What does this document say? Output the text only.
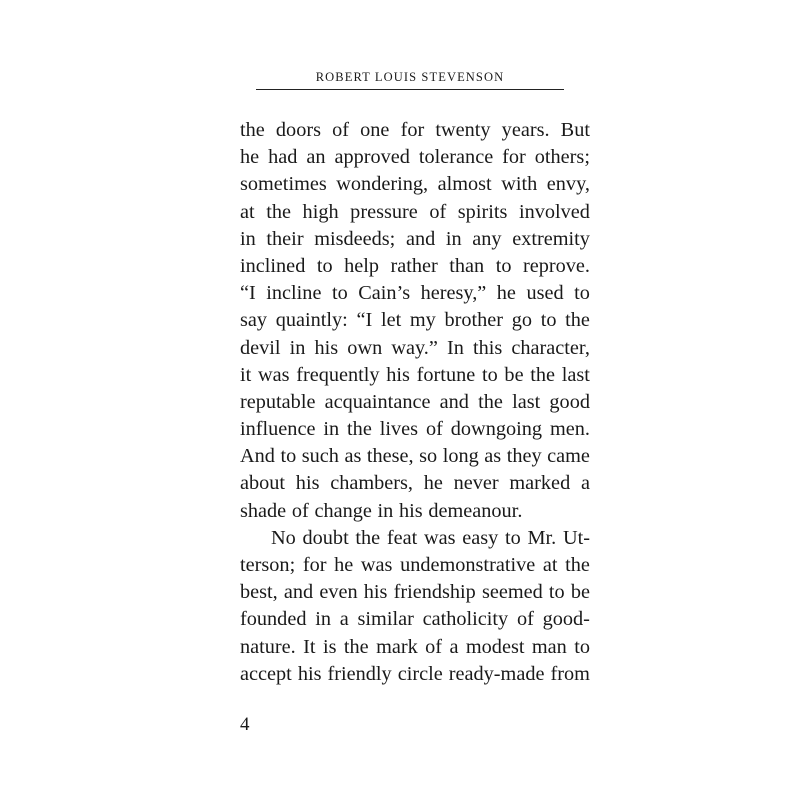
ROBERT LOUIS STEVENSON
the doors of one for twenty years. But
he had an approved tolerance for others;
sometimes wondering, almost with envy,
at the high pressure of spirits involved
in their misdeeds; and in any extremity
inclined to help rather than to reprove.
“I incline to Cain’s heresy,” he used to
say quaintly: “I let my brother go to the
devil in his own way.” In this character,
it was frequently his fortune to be the last
reputable acquaintance and the last good
influence in the lives of downgoing men.
And to such as these, so long as they came
about his chambers, he never marked a
shade of change in his demeanour.
No doubt the feat was easy to Mr. Ut-
terson; for he was undemonstrative at the
best, and even his friendship seemed to be
founded in a similar catholicity of good-
nature. It is the mark of a modest man to
accept his friendly circle ready-made from
4
